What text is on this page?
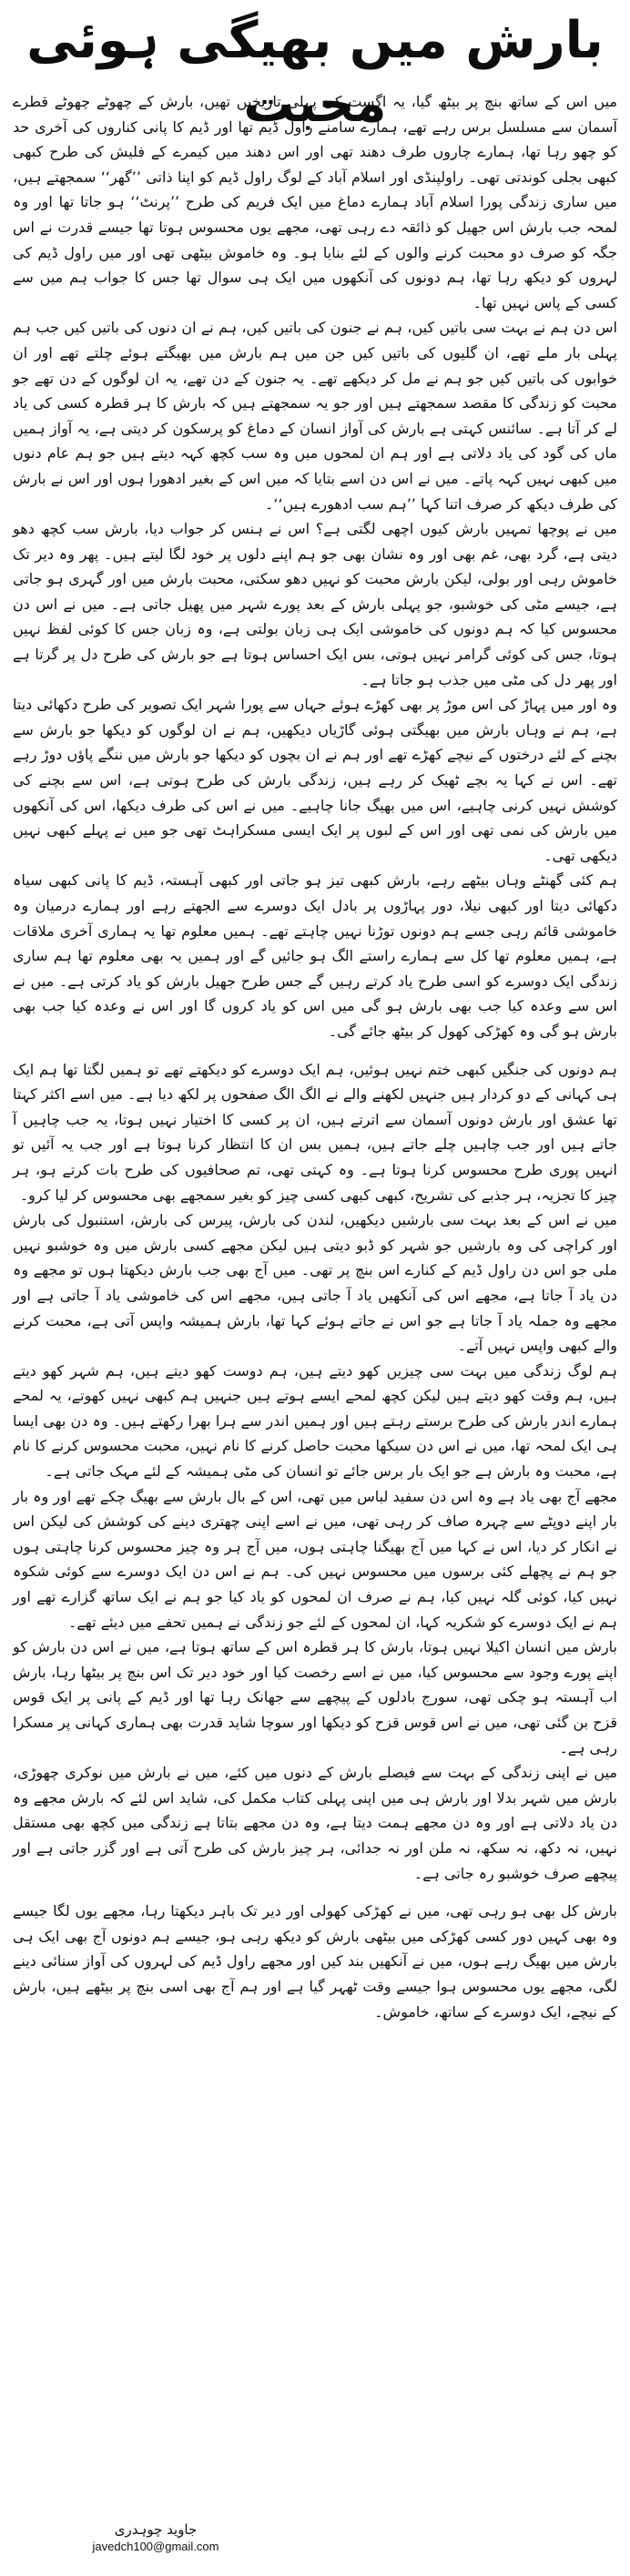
بارش میں بھیگی ہوئی محبت

میں اس کے ساتھ بنچ پر بیٹھ گیا، یہ اگست کی پہلی تاریخیں تھیں، بارش کے چھوٹے چھوٹے قطرے آسمان سے مسلسل برس رہے تھے، ہمارے سامنے راول ڈیم تھا اور ڈیم کا پانی کناروں کی آخری حد کو چھو رہا تھا، ہمارے چاروں طرف دھند تھی اور اس دھند میں کیمرے کے فلیش کی طرح کبھی کبھی بجلی کوندتی تھی۔ راولپنڈی اور اسلام آباد کے لوگ راول ڈیم کو اپنا ذاتی ’’گھر‘‘ سمجھتے ہیں، میں ساری زندگی پورا اسلام آباد ہمارے دماغ میں ایک فریم کی طرح ’’پرنٹ‘‘ ہو جاتا تھا اور وہ لمحہ جب بارش اس جھیل کو ذائقہ دے رہی تھی، مجھے یوں محسوس ہوتا تھا جیسے قدرت نے اس جگہ کو صرف دو محبت کرنے والوں کے لئے بنایا ہو۔ وہ خاموش بیٹھی تھی اور میں راول ڈیم کی لہروں کو دیکھ رہا تھا، ہم دونوں کی آنکھوں میں ایک ہی سوال تھا جس کا جواب ہم میں سے کسی کے پاس نہیں تھا۔

اس دن ہم نے بہت سی باتیں کیں، ہم نے جنون کی باتیں کیں، ہم نے ان دنوں کی باتیں کیں جب ہم پہلی بار ملے تھے، ان گلیوں کی باتیں کیں جن میں ہم بارش میں بھیگتے ہوئے چلتے تھے اور ان خوابوں کی باتیں کیں جو ہم نے مل کر دیکھے تھے۔ یہ جنون کے دن تھے، یہ ان لوگوں کے دن تھے جو محبت کو زندگی کا مقصد سمجھتے ہیں اور جو یہ سمجھتے ہیں کہ بارش کا ہر قطرہ کسی کی یاد لے کر آتا ہے۔ سائنس کہتی ہے بارش کی آواز انسان کے دماغ کو پرسکون کر دیتی ہے، یہ آواز ہمیں ماں کی گود کی یاد دلاتی ہے اور ہم ان لمحوں میں وہ سب کچھ کہہ دیتے ہیں جو ہم عام دنوں میں کبھی نہیں کہہ پاتے۔ میں نے اس دن اسے بتایا کہ میں اس کے بغیر ادھورا ہوں اور اس نے بارش کی طرف دیکھ کر صرف اتنا کہا ’’ہم سب ادھورے ہیں‘‘۔

میں نے پوچھا تمہیں بارش کیوں اچھی لگتی ہے؟ اس نے ہنس کر جواب دیا، بارش سب کچھ دھو دیتی ہے، گرد بھی، غم بھی اور وہ نشان بھی جو ہم اپنے دلوں پر خود لگا لیتے ہیں۔ پھر وہ دیر تک خاموش رہی اور بولی، لیکن بارش محبت کو نہیں دھو سکتی، محبت بارش میں اور گہری ہو جاتی ہے، جیسے مٹی کی خوشبو، جو پہلی بارش کے بعد پورے شہر میں پھیل جاتی ہے۔ میں نے اس دن محسوس کیا کہ ہم دونوں کی خاموشی ایک ہی زبان بولتی ہے، وہ زبان جس کا کوئی لفظ نہیں ہوتا، جس کی کوئی گرامر نہیں ہوتی، بس ایک احساس ہوتا ہے جو بارش کی طرح دل پر گرتا ہے اور پھر دل کی مٹی میں جذب ہو جاتا ہے۔

وہ اور میں پہاڑ کی اس موڑ پر بھی کھڑے ہوئے جہاں سے پورا شہر ایک تصویر کی طرح دکھائی دیتا ہے، ہم نے وہاں بارش میں بھیگتی ہوئی گاڑیاں دیکھیں، ہم نے ان لوگوں کو دیکھا جو بارش سے بچنے کے لئے درختوں کے نیچے کھڑے تھے اور ہم نے ان بچوں کو دیکھا جو بارش میں ننگے پاؤں دوڑ رہے تھے۔ اس نے کہا یہ بچے ٹھیک کر رہے ہیں، زندگی بارش کی طرح ہوتی ہے، اس سے بچنے کی کوشش نہیں کرنی چاہیے، اس میں بھیگ جانا چاہیے۔ میں نے اس کی طرف دیکھا، اس کی آنکھوں میں بارش کی نمی تھی اور اس کے لبوں پر ایک ایسی مسکراہٹ تھی جو میں نے پہلے کبھی نہیں دیکھی تھی۔

ہم کئی گھنٹے وہاں بیٹھے رہے، بارش کبھی تیز ہو جاتی اور کبھی آہستہ، ڈیم کا پانی کبھی سیاہ دکھائی دیتا اور کبھی نیلا، دور پہاڑوں پر بادل ایک دوسرے سے الجھتے رہے اور ہمارے درمیان وہ خاموشی قائم رہی جسے ہم دونوں توڑنا نہیں چاہتے تھے۔ ہمیں معلوم تھا یہ ہماری آخری ملاقات ہے، ہمیں معلوم تھا کل سے ہمارے راستے الگ ہو جائیں گے اور ہمیں یہ بھی معلوم تھا ہم ساری زندگی ایک دوسرے کو اسی طرح یاد کرتے رہیں گے جس طرح جھیل بارش کو یاد کرتی ہے۔ میں نے اس سے وعدہ کیا جب بھی بارش ہو گی میں اس کو یاد کروں گا اور اس نے وعدہ کیا جب بھی بارش ہو گی وہ کھڑکی کھول کر بیٹھ جائے گی۔

ہم دونوں کی جنگیں کبھی ختم نہیں ہوئیں، ہم ایک دوسرے کو دیکھتے تھے تو ہمیں لگتا تھا ہم ایک ہی کہانی کے دو کردار ہیں جنہیں لکھنے والے نے الگ الگ صفحوں پر لکھ دیا ہے۔ میں اسے اکثر کہتا تھا عشق اور بارش دونوں آسمان سے اترتے ہیں، ان پر کسی کا اختیار نہیں ہوتا، یہ جب چاہیں آ جاتے ہیں اور جب چاہیں چلے جاتے ہیں، ہمیں بس ان کا انتظار کرنا ہوتا ہے اور جب یہ آئیں تو انہیں پوری طرح محسوس کرنا ہوتا ہے۔ وہ کہتی تھی، تم صحافیوں کی طرح بات کرتے ہو، ہر چیز کا تجزیہ، ہر جذبے کی تشریح، کبھی کبھی کسی چیز کو بغیر سمجھے بھی محسوس کر لیا کرو۔

میں نے اس کے بعد بہت سی بارشیں دیکھیں، لندن کی بارش، پیرس کی بارش، استنبول کی بارش اور کراچی کی وہ بارشیں جو شہر کو ڈبو دیتی ہیں لیکن مجھے کسی بارش میں وہ خوشبو نہیں ملی جو اس دن راول ڈیم کے کنارے اس بنچ پر تھی۔ میں آج بھی جب بارش دیکھتا ہوں تو مجھے وہ دن یاد آ جاتا ہے، مجھے اس کی آنکھیں یاد آ جاتی ہیں، مجھے اس کی خاموشی یاد آ جاتی ہے اور مجھے وہ جملہ یاد آ جاتا ہے جو اس نے جاتے ہوئے کہا تھا، بارش ہمیشہ واپس آتی ہے، محبت کرنے والے کبھی واپس نہیں آتے۔

ہم لوگ زندگی میں بہت سی چیزیں کھو دیتے ہیں، ہم دوست کھو دیتے ہیں، ہم شہر کھو دیتے ہیں، ہم وقت کھو دیتے ہیں لیکن کچھ لمحے ایسے ہوتے ہیں جنہیں ہم کبھی نہیں کھوتے، یہ لمحے ہمارے اندر بارش کی طرح برستے رہتے ہیں اور ہمیں اندر سے ہرا بھرا رکھتے ہیں۔ وہ دن بھی ایسا ہی ایک لمحہ تھا، میں نے اس دن سیکھا محبت حاصل کرنے کا نام نہیں، محبت محسوس کرنے کا نام ہے، محبت وہ بارش ہے جو ایک بار برس جائے تو انسان کی مٹی ہمیشہ کے لئے مہک جاتی ہے۔

مجھے آج بھی یاد ہے وہ اس دن سفید لباس میں تھی، اس کے بال بارش سے بھیگ چکے تھے اور وہ بار بار اپنے دوپٹے سے چہرہ صاف کر رہی تھی، میں نے اسے اپنی چھتری دینے کی کوشش کی لیکن اس نے انکار کر دیا، اس نے کہا میں آج بھیگنا چاہتی ہوں، میں آج ہر وہ چیز محسوس کرنا چاہتی ہوں جو ہم نے پچھلے کئی برسوں میں محسوس نہیں کی۔ ہم نے اس دن ایک دوسرے سے کوئی شکوہ نہیں کیا، کوئی گلہ نہیں کیا، ہم نے صرف ان لمحوں کو یاد کیا جو ہم نے ایک ساتھ گزارے تھے اور ہم نے ایک دوسرے کو شکریہ کہا، ان لمحوں کے لئے جو زندگی نے ہمیں تحفے میں دیئے تھے۔

بارش میں انسان اکیلا نہیں ہوتا، بارش کا ہر قطرہ اس کے ساتھ ہوتا ہے، میں نے اس دن بارش کو اپنے پورے وجود سے محسوس کیا، میں نے اسے رخصت کیا اور خود دیر تک اس بنچ پر بیٹھا رہا، بارش اب آہستہ ہو چکی تھی، سورج بادلوں کے پیچھے سے جھانک رہا تھا اور ڈیم کے پانی پر ایک قوس قزح بن گئی تھی، میں نے اس قوس قزح کو دیکھا اور سوچا شاید قدرت بھی ہماری کہانی پر مسکرا رہی ہے۔

میں نے اپنی زندگی کے بہت سے فیصلے بارش کے دنوں میں کئے، میں نے بارش میں نوکری چھوڑی، بارش میں شہر بدلا اور بارش ہی میں اپنی پہلی کتاب مکمل کی، شاید اس لئے کہ بارش مجھے وہ دن یاد دلاتی ہے اور وہ دن مجھے ہمت دیتا ہے، وہ دن مجھے بتاتا ہے زندگی میں کچھ بھی مستقل نہیں، نہ دکھ، نہ سکھ، نہ ملن اور نہ جدائی، ہر چیز بارش کی طرح آتی ہے اور گزر جاتی ہے اور پیچھے صرف خوشبو رہ جاتی ہے۔

بارش کل بھی ہو رہی تھی، میں نے کھڑکی کھولی اور دیر تک باہر دیکھتا رہا، مجھے یوں لگا جیسے وہ بھی کہیں دور کسی کھڑکی میں بیٹھی بارش کو دیکھ رہی ہو، جیسے ہم دونوں آج بھی ایک ہی بارش میں بھیگ رہے ہوں، میں نے آنکھیں بند کیں اور مجھے راول ڈیم کی لہروں کی آواز سنائی دینے لگی، مجھے یوں محسوس ہوا جیسے وقت ٹھہر گیا ہے اور ہم آج بھی اسی بنچ پر بیٹھے ہیں، بارش کے نیچے، ایک دوسرے کے ساتھ، خاموش۔

جاوید چوہدری
javedch100@gmail.com
